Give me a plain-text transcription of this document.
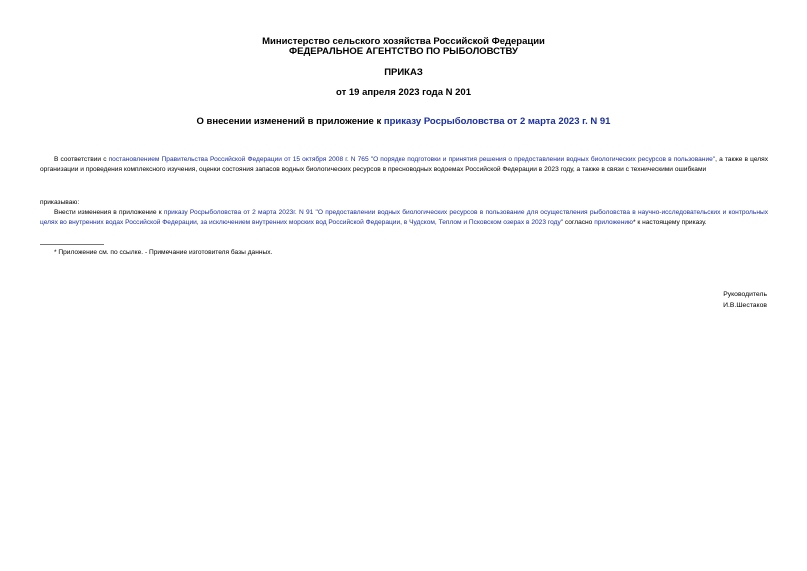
Министерство сельского хозяйства Российской Федерации
ФЕДЕРАЛЬНОЕ АГЕНТСТВО ПО РЫБОЛОВСТВУ
ПРИКАЗ
от 19 апреля 2023 года N 201
О внесении изменений в приложение к приказу Росрыболовства от 2 марта 2023 г. N 91
В соответствии с постановлением Правительства Российской Федерации от 15 октября 2008 г. N 765 "О порядке подготовки и принятия решения о предоставлении водных биологических ресурсов в пользование", а также в целях организации и проведения комплексного изучения, оценки состояния запасов водных биологических ресурсов в пресноводных водоемах Российской Федерации в 2023 году, а также в связи с техническими ошибками
приказываю:
Внести изменения в приложение к приказу Росрыболовства от 2 марта 2023г. N 91 "О предоставлении водных биологических ресурсов в пользование для осуществления рыболовства в научно-исследовательских и контрольных целях во внутренних водах Российской Федерации, за исключением внутренних морских вод Российской Федерации, в Чудском, Теплом и Псковском озерах в 2023 году" согласно приложению* к настоящему приказу.
* Приложение см. по ссылке. - Примечание изготовителя базы данных.
Руководитель
И.В.Шестаков
